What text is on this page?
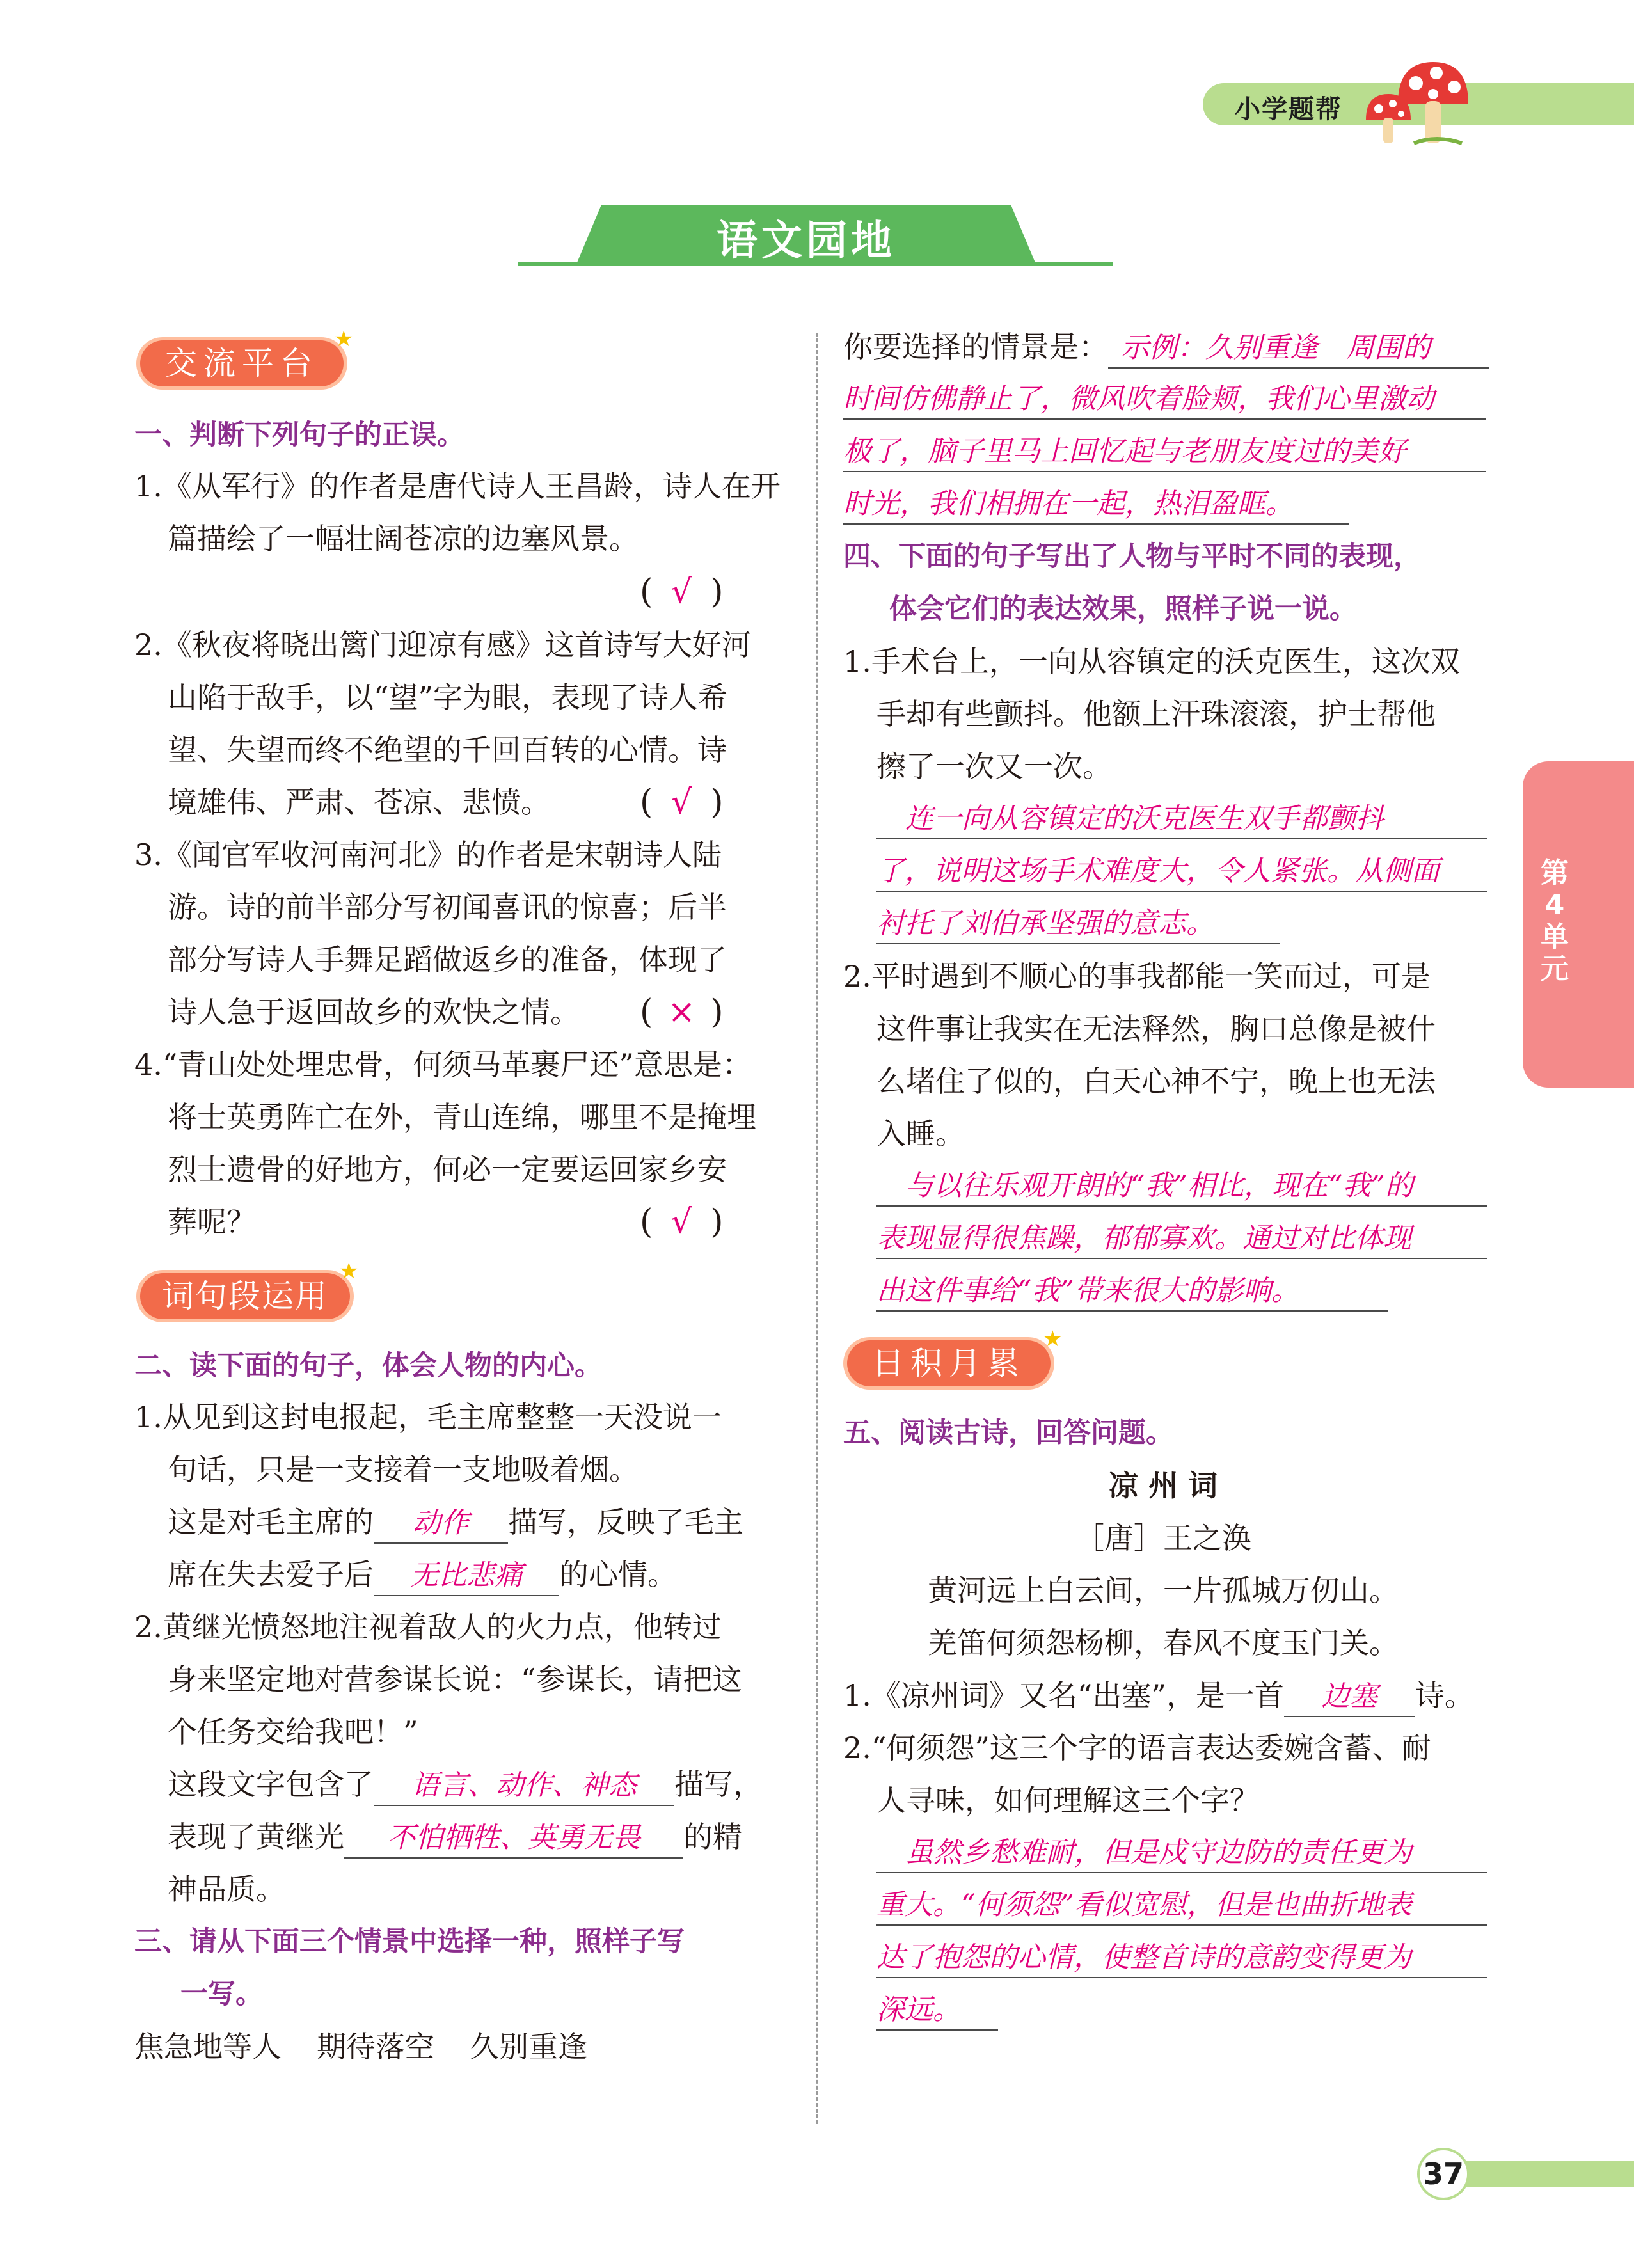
小学题帮
语文园地
交流平台
★
一、判断下列句子的正误。
1.《从军行》的作者是唐代诗人王昌龄，诗人在开
篇描绘了一幅壮阔苍凉的边塞风景。
( √ )
2.《秋夜将晓出篱门迎凉有感》这首诗写大好河
山陷于敌手，以“望”字为眼，表现了诗人希
望、失望而终不绝望的千回百转的心情。诗
境雄伟、严肃、苍凉、悲愤。	( √ )
3.《闻官军收河南河北》的作者是宋朝诗人陆
游。诗的前半部分写初闻喜讯的惊喜；后半
部分写诗人手舞足蹈做返乡的准备，体现了
诗人急于返回故乡的欢快之情。 ( × )
4.“青山处处埋忠骨，何须马革裹尸还”意思是：
将士英勇阵亡在外，青山连绵，哪里不是掩埋
烈士遗骨的好地方，何必一定要运回家乡安
葬呢？	( √ )
词句段运用
★
二、读下面的句子，体会人物的内心。
1.从见到这封电报起，毛主席整整一天没说一
句话，只是一支接着一支地吸着烟。
这是对毛主席的 动作 描写，反映了毛主
席在失去爱子后 无比悲痛 的心情。
2.黄继光愤怒地注视着敌人的火力点，他转过
身来坚定地对营参谋长说：“参谋长，请把这
个任务交给我吧！”
这段文字包含了 语言、动作、神态 描写，
表现了黄继光 不怕牺牲、英勇无畏 的精
神品质。
三、请从下面三个情景中选择一种，照样子写
一写。
焦急地等人 期待落空 久别重逢
你要选择的情景是： 示例：久别重逢　周围的
时间仿佛静止了，微风吹着脸颊，我们心里激动
极了，脑子里马上回忆起与老朋友度过的美好
时光，我们相拥在一起，热泪盈眶。
四、下面的句子写出了人物与平时不同的表现，
体会它们的表达效果，照样子说一说。
1.手术台上，一向从容镇定的沃克医生，这次双
手却有些颤抖。他额上汗珠滚滚，护士帮他
擦了一次又一次。
连一向从容镇定的沃克医生双手都颤抖
了，说明这场手术难度大，令人紧张。从侧面
衬托了刘伯承坚强的意志。
2.平时遇到不顺心的事我都能一笑而过，可是
这件事让我实在无法释然，胸口总像是被什
么堵住了似的，白天心神不宁，晚上也无法
入睡。
与以往乐观开朗的“我”相比，现在“我”的
表现显得很焦躁，郁郁寡欢。通过对比体现
出这件事给“我”带来很大的影响。
日积月累
★
五、阅读古诗，回答问题。
凉 州 词
［唐］王之涣
黄河远上白云间，一片孤城万仞山。
羌笛何须怨杨柳，春风不度玉门关。
1.《凉州词》又名“出塞”，是一首 边塞 诗。
2.“何须怨”这三个字的语言表达委婉含蓄、耐
人寻味，如何理解这三个字？
虽然乡愁难耐，但是戍守边防的责任更为
重大。“何须怨”看似宽慰，但是也曲折地表
达了抱怨的心情，使整首诗的意韵变得更为
深远。
第4单元
37
